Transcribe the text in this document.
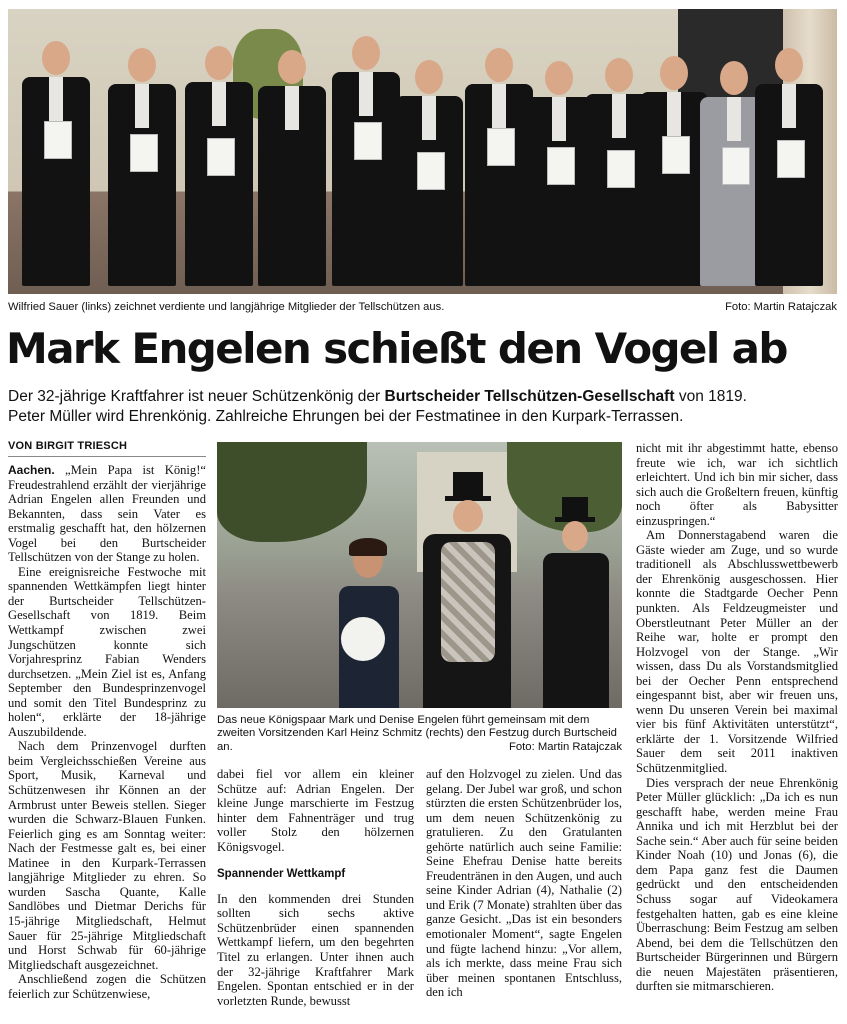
Wilfried Sauer (links) zeichnet verdiente und langjährige Mitglieder der Tellschützen aus.	Foto: Martin Ratajczak
Mark Engelen schießt den Vogel ab
Der 32-jährige Kraftfahrer ist neuer Schützenkönig der Burtscheider Tellschützen-Gesellschaft von 1819.
Peter Müller wird Ehrenkönig. Zahlreiche Ehrungen bei der Festmatinee in den Kurpark-Terrassen.
VON BIRGIT TRIESCH

Aachen. „Mein Papa ist König!“ Freudestrahlend erzählt der vierjährige Adrian Engelen allen Freunden und Bekannten, dass sein Vater es erstmalig geschafft hat, den hölzernen Vogel bei den Burtscheider Tellschützen von der Stange zu holen.

Eine ereignisreiche Festwoche mit spannenden Wettkämpfen liegt hinter der Burtscheider Tellschützen-Gesellschaft von 1819. Beim Wettkampf zwischen zwei Jungschützen konnte sich Vorjahresprinz Fabian Wenders durchsetzen. „Mein Ziel ist es, Anfang September den Bundesprinzenvogel und somit den Titel Bundesprinz zu holen“, erklärte der 18-jährige Auszubildende.

Nach dem Prinzenvogel durften beim Vergleichsschießen Vereine aus Sport, Musik, Karneval und Schützenwesen ihr Können an der Armbrust unter Beweis stellen. Sieger wurden die Schwarz-Blauen Funken. Feierlich ging es am Sonntag weiter: Nach der Festmesse galt es, bei einer Matinee in den Kurpark-Terrassen langjährige Mitglieder zu ehren. So wurden Sascha Quante, Kalle Sandlöbes und Dietmar Derichs für 15-jährige Mitgliedschaft, Helmut Sauer für 25-jährige Mitgliedschaft und Horst Schwab für 60-jährige Mitgliedschaft ausgezeichnet.

Anschließend zogen die Schützen feierlich zur Schützenwiese,

Das neue Königspaar Mark und Denise Engelen führt gemeinsam mit dem zweiten Vorsitzenden Karl Heinz Schmitz (rechts) den Festzug durch Burtscheid an.	Foto: Martin Ratajczak

dabei fiel vor allem ein kleiner Schütze auf: Adrian Engelen. Der kleine Junge marschierte im Festzug hinter dem Fahnenträger und trug voller Stolz den hölzernen Königsvogel.

Spannender Wettkampf

In den kommenden drei Stunden sollten sich sechs aktive Schützenbrüder einen spannenden Wettkampf liefern, um den begehrten Titel zu erlangen. Unter ihnen auch der 32-jährige Kraftfahrer Mark Engelen. Spontan entschied er in der vorletzten Runde, bewusst

auf den Holzvogel zu zielen. Und das gelang. Der Jubel war groß, und schon stürzten die ersten Schützenbrüder los, um dem neuen Schützenkönig zu gratulieren. Zu den Gratulanten gehörte natürlich auch seine Familie: Seine Ehefrau Denise hatte bereits Freudentränen in den Augen, und auch seine Kinder Adrian (4), Nathalie (2) und Erik (7 Monate) strahlten über das ganze Gesicht. „Das ist ein besonders emotionaler Moment“, sagte Engelen und fügte lachend hinzu: „Vor allem, als ich merkte, dass meine Frau sich über meinen spontanen Entschluss, den ich

nicht mit ihr abgestimmt hatte, ebenso freute wie ich, war ich sichtlich erleichtert. Und ich bin mir sicher, dass sich auch die Großeltern freuen, künftig noch öfter als Babysitter einzuspringen.“

Am Donnerstagabend waren die Gäste wieder am Zuge, und so wurde traditionell als Abschlusswettbewerb der Ehrenkönig ausgeschossen. Hier konnte die Stadtgarde Oecher Penn punkten. Als Feldzeugmeister und Oberstleutnant Peter Müller an der Reihe war, holte er prompt den Holzvogel von der Stange. „Wir wissen, dass Du als Vorstandsmitglied bei der Oecher Penn entsprechend eingespannt bist, aber wir freuen uns, wenn Du unseren Verein bei maximal vier bis fünf Aktivitäten unterstützt“, erklärte der 1. Vorsitzende Wilfried Sauer dem seit 2011 inaktiven Schützenmitglied.

Dies versprach der neue Ehrenkönig Peter Müller glücklich: „Da ich es nun geschafft habe, werden meine Frau Annika und ich mit Herzblut bei der Sache sein.“ Aber auch für seine beiden Kinder Noah (10) und Jonas (6), die dem Papa ganz fest die Daumen gedrückt und den entscheidenden Schuss sogar auf Videokamera festgehalten hatten, gab es eine kleine Überraschung: Beim Festzug am selben Abend, bei dem die Tellschützen den Burtscheider Bürgerinnen und Bürgern die neuen Majestäten präsentieren, durften sie mitmarschieren.
